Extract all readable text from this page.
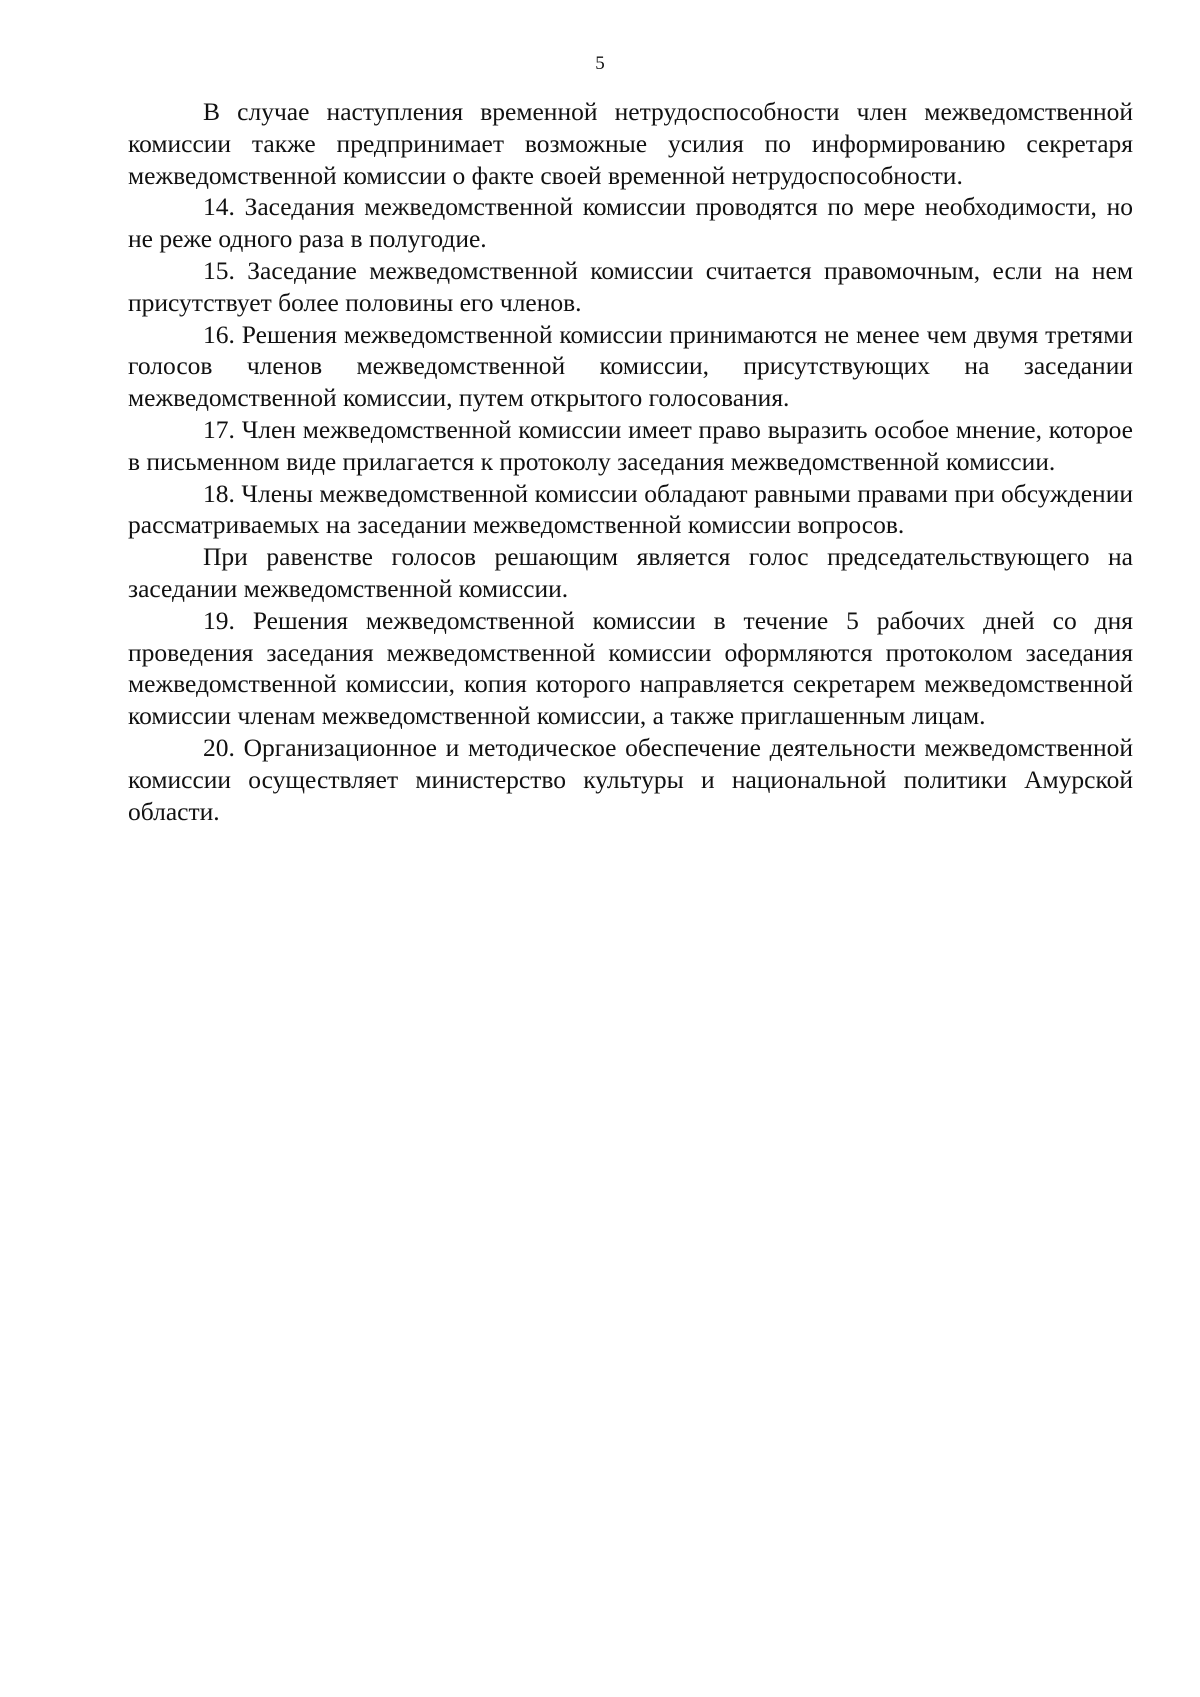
5

В случае наступления временной нетрудоспособности член межведомственной комиссии также предпринимает возможные усилия по информированию секретаря межведомственной комиссии о факте своей временной нетрудоспособности.

14. Заседания межведомственной комиссии проводятся по мере необходимости, но не реже одного раза в полугодие.

15. Заседание межведомственной комиссии считается правомочным, если на нем присутствует более половины его членов.

16. Решения межведомственной комиссии принимаются не менее чем двумя третями голосов членов межведомственной комиссии, присутствующих на заседании межведомственной комиссии, путем открытого голосования.

17. Член межведомственной комиссии имеет право выразить особое мнение, которое в письменном виде прилагается к протоколу заседания межведомственной комиссии.

18. Члены межведомственной комиссии обладают равными правами при обсуждении рассматриваемых на заседании межведомственной комиссии вопросов.

При равенстве голосов решающим является голос председательствующего на заседании межведомственной комиссии.

19. Решения межведомственной комиссии в течение 5 рабочих дней со дня проведения заседания межведомственной комиссии оформляются протоколом заседания межведомственной комиссии, копия которого направляется секретарем межведомственной комиссии членам межведомственной комиссии, а также приглашенным лицам.

20. Организационное и методическое обеспечение деятельности межведомственной комиссии осуществляет министерство культуры и национальной политики Амурской области.
